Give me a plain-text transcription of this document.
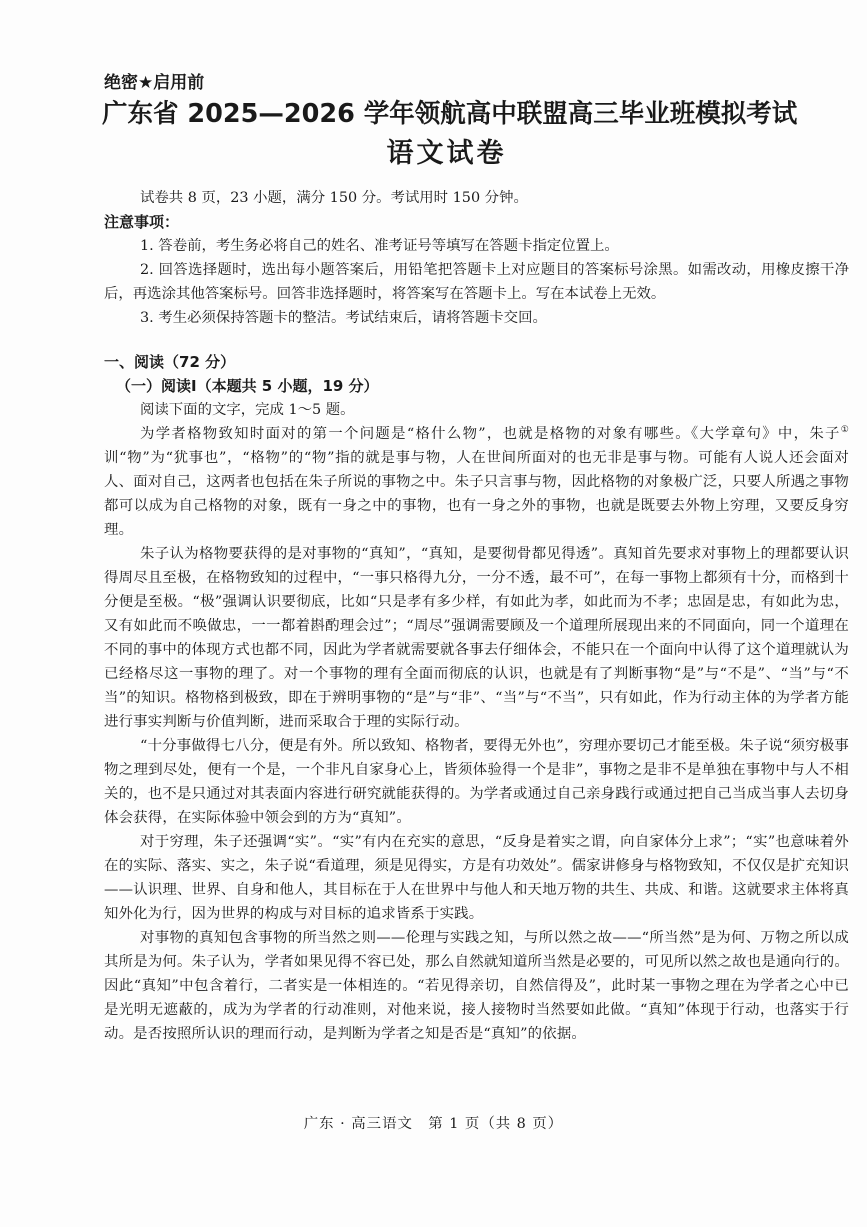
绝密★启用前
广东省 2025—2026 学年领航高中联盟高三毕业班模拟考试
语文试卷
试卷共 8 页，23 小题，满分 150 分。考试用时 150 分钟。
注意事项：

1. 答卷前，考生务必将自己的姓名、准考证号等填写在答题卡指定位置上。

2. 回答选择题时，选出每小题答案后，用铅笔把答题卡上对应题目的答案标号涂黑。如需改动，用橡皮擦干净后，再选涂其他答案标号。回答非选择题时，将答案写在答题卡上。写在本试卷上无效。

3. 考生必须保持答题卡的整洁。考试结束后，请将答题卡交回。

一、阅读（72 分）
（一）阅读Ⅰ（本题共 5 小题，19 分）
阅读下面的文字，完成 1～5 题。

为学者格物致知时面对的第一个问题是“格什么物”，也就是格物的对象有哪些。《大学章句》中，朱子①训“物”为“犹事也”，“格物”的“物”指的就是事与物，人在世间所面对的也无非是事与物。可能有人说人还会面对人、面对自己，这两者也包括在朱子所说的事物之中。朱子只言事与物，因此格物的对象极广泛，只要人所遇之事物都可以成为自己格物的对象，既有一身之中的事物，也有一身之外的事物，也就是既要去外物上穷理，又要反身穷理。

朱子认为格物要获得的是对事物的“真知”，“真知，是要彻骨都见得透”。真知首先要求对事物上的理都要认识得周尽且至极，在格物致知的过程中，“一事只格得九分，一分不透，最不可”，在每一事物上都须有十分，而格到十分便是至极。“极”强调认识要彻底，比如“只是孝有多少样，有如此为孝，如此而为不孝；忠固是忠，有如此为忠，又有如此而不唤做忠，一一都着斟酌理会过”；“周尽”强调需要顾及一个道理所展现出来的不同面向，同一个道理在不同的事中的体现方式也都不同，因此为学者就需要就各事去仔细体会，不能只在一个面向中认得了这个道理就认为已经格尽这一事物的理了。对一个事物的理有全面而彻底的认识，也就是有了判断事物“是”与“不是”、“当”与“不当”的知识。格物格到极致，即在于辨明事物的“是”与“非”、“当”与“不当”，只有如此，作为行动主体的为学者方能进行事实判断与价值判断，进而采取合于理的实际行动。

“十分事做得七八分，便是有外。所以致知、格物者，要得无外也”，穷理亦要切己才能至极。朱子说“须穷极事物之理到尽处，便有一个是，一个非凡自家身心上，皆须体验得一个是非”，事物之是非不是单独在事物中与人不相关的，也不是只通过对其表面内容进行研究就能获得的。为学者或通过自己亲身践行或通过把自己当成当事人去切身体会获得，在实际体验中领会到的方为“真知”。

对于穷理，朱子还强调“实”。“实”有内在充实的意思，“反身是着实之谓，向自家体分上求”；“实”也意味着外在的实际、落实、实之，朱子说“看道理，须是见得实，方是有功效处”。儒家讲修身与格物致知，不仅仅是扩充知识——认识理、世界、自身和他人，其目标在于人在世界中与他人和天地万物的共生、共成、和谐。这就要求主体将真知外化为行，因为世界的构成与对目标的追求皆系于实践。

对事物的真知包含事物的所当然之则——伦理与实践之知，与所以然之故——“所当然”是为何、万物之所以成其所是为何。朱子认为，学者如果见得不容已处，那么自然就知道所当然是必要的，可见所以然之故也是通向行的。因此“真知”中包含着行，二者实是一体相连的。“若见得亲切，自然信得及”，此时某一事物之理在为学者之心中已是光明无遮蔽的，成为为学者的行动准则，对他来说，接人接物时当然要如此做。“真知”体现于行动，也落实于行动。是否按照所认识的理而行动，是判断为学者之知是否是“真知”的依据。

广东 · 高三语文　第 1 页（共 8 页）
